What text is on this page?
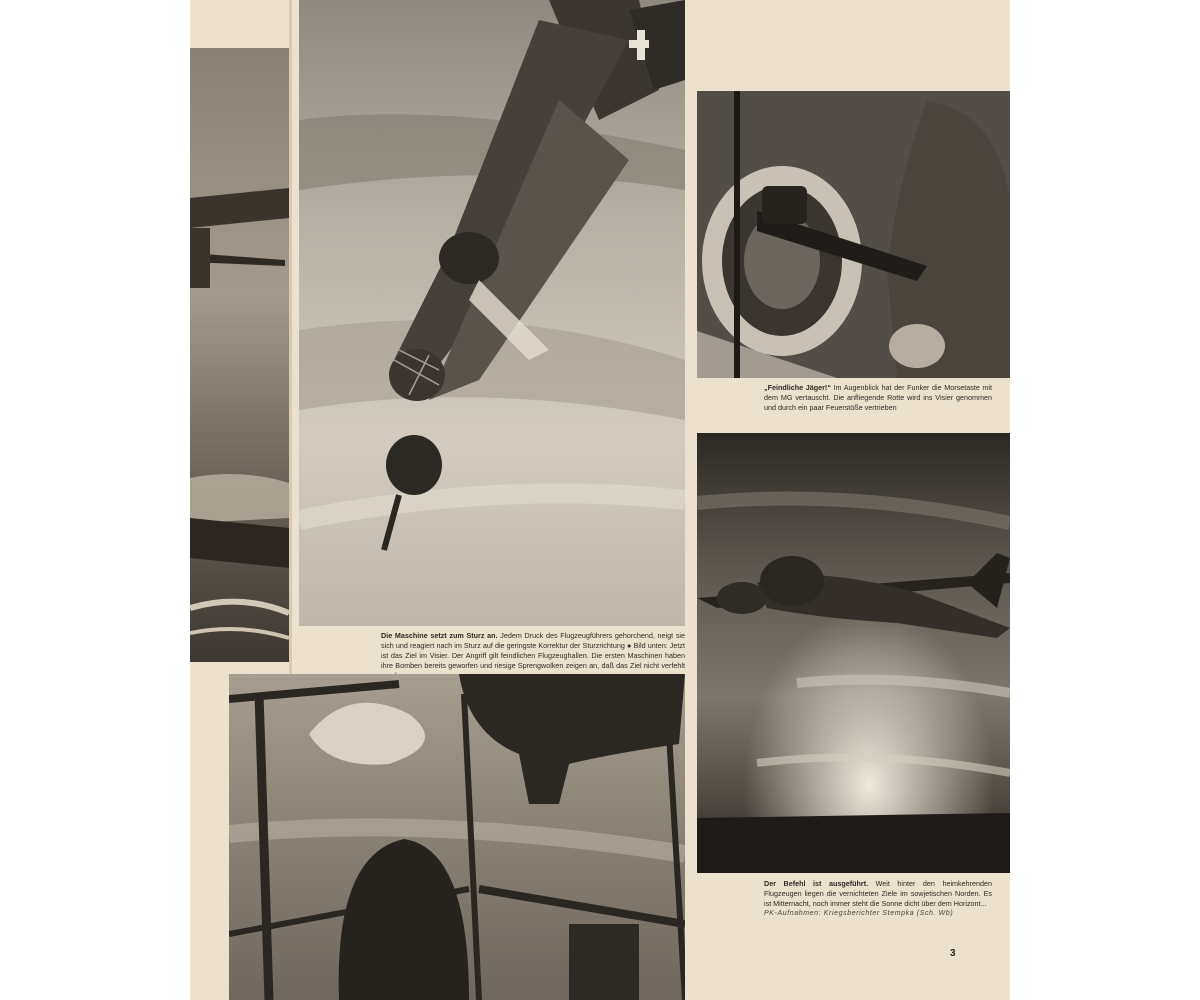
Die Maschine setzt zum Sturz an. Jedem Druck des Flugzeugführers gehorchend, neigt sie sich und reagiert nach im Sturz auf die geringste Korrektur der Sturzrichtung ● Bild unten: Jetzt ist das Ziel im Visier. Der Angriff gilt feindlichen Flugzeughallen. Die ersten Maschinen haben ihre Bomben bereits geworfen und riesige Sprengwolken zeigen an, daß das Ziel nicht verfehlt
„Feindliche Jäger!“ Im Augenblick hat der Funker die Morsetaste mit dem MG vertauscht. Die anfliegende Rotte wird ins Visier genommen und durch ein paar Feuerstöße vertrieben
Der Befehl ist ausgeführt. Weit hinter den heimkehrenden Flugzeugen liegen die vernichteten Ziele im sowjetischen Norden. Es ist Mitternacht, noch immer steht die Sonne dicht über dem Horizont...
PK-Aufnahmen: Kriegsberichter Stempka (Sch. Wb)
3
